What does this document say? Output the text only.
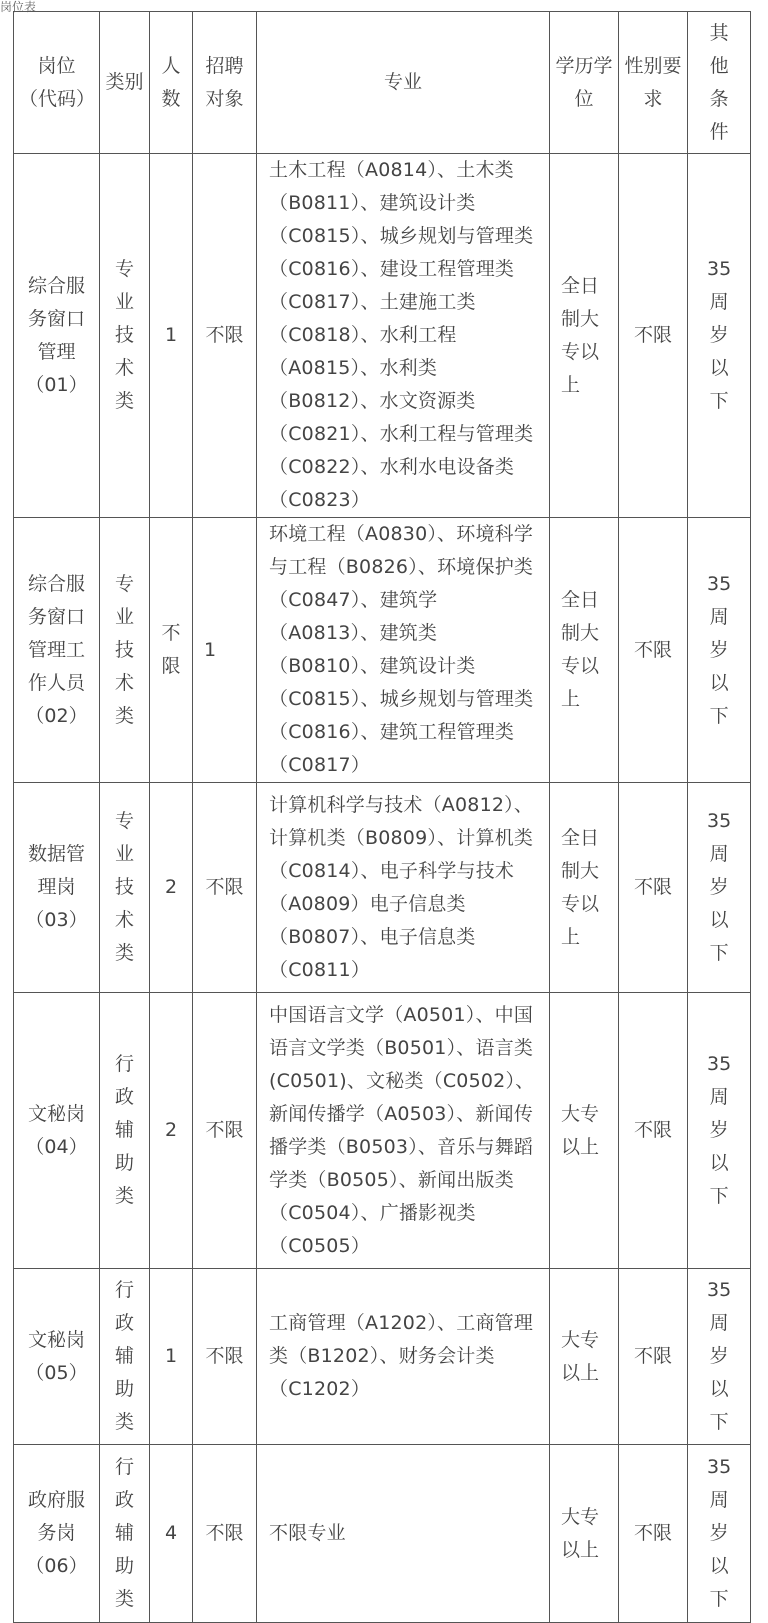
岗位表
岗位（代码）	类别	人数	招聘对象	专业	学历学位	性别要求	其他条件
综合服务窗口管理（01）	专业技术类	1	不限	土木工程（A0814）、土木类（B0811）、建筑设计类（C0815）、城乡规划与管理类（C0816）、建设工程管理类（C0817）、土建施工类（C0818）、水利工程（A0815）、水利类（B0812）、水文资源类（C0821）、水利工程与管理类（C0822）、水利水电设备类（C0823）	全日制大专以上	不限	35周岁以下
综合服务窗口管理工作人员（02）	专业技术类	不限	1	环境工程（A0830）、环境科学与工程（B0826）、环境保护类（C0847）、建筑学（A0813）、建筑类（B0810）、建筑设计类（C0815）、城乡规划与管理类（C0816）、建筑工程管理类（C0817）	全日制大专以上	不限	35周岁以下
数据管理岗（03）	专业技术类	2	不限	计算机科学与技术（A0812）、计算机类（B0809）、计算机类（C0814）、电子科学与技术（A0809）电子信息类（B0807）、电子信息类（C0811）	全日制大专以上	不限	35周岁以下
文秘岗（04）	行政辅助类	2	不限	中国语言文学（A0501）、中国语言文学类（B0501）、语言类(C0501)、文秘类（C0502）、新闻传播学（A0503）、新闻传播学类（B0503）、音乐与舞蹈学类（B0505）、新闻出版类（C0504）、广播影视类（C0505）	大专以上	不限	35周岁以下
文秘岗（05）	行政辅助类	1	不限	工商管理（A1202）、工商管理类（B1202）、财务会计类（C1202）	大专以上	不限	35周岁以下
政府服务岗（06）	行政辅助类	4	不限	不限专业	大专以上	不限	35周岁以下
